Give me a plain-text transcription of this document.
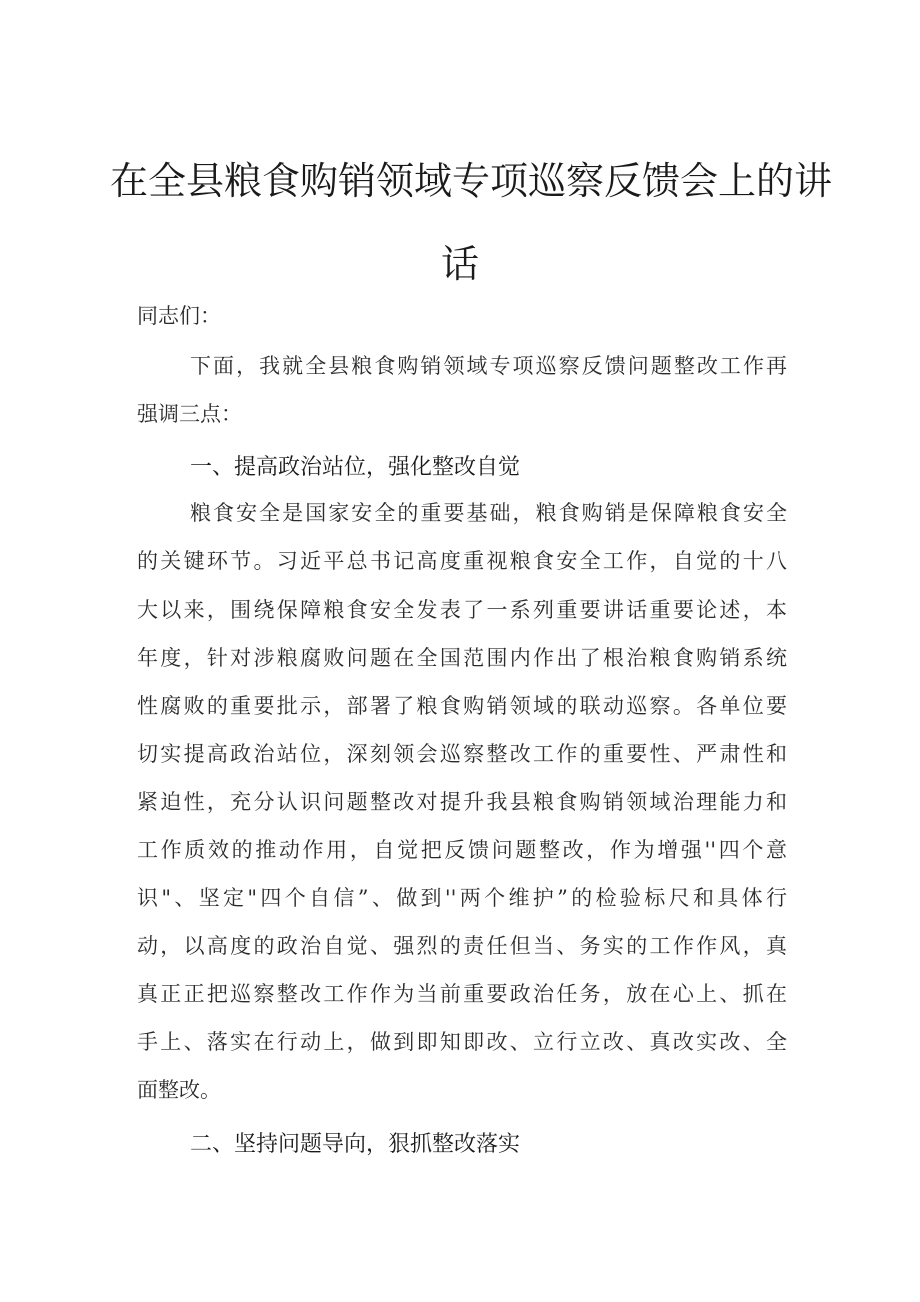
在全县粮食购销领域专项巡察反馈会上的讲
话
同志们：
下面，我就全县粮食购销领域专项巡察反馈问题整改工作再
强调三点：
一、提高政治站位，强化整改自觉
粮食安全是国家安全的重要基础，粮食购销是保障粮食安全
的关键环节。习近平总书记高度重视粮食安全工作，自觉的十八
大以来，围绕保障粮食安全发表了一系列重要讲话重要论述，本
年度，针对涉粮腐败问题在全国范围内作出了根治粮食购销系统
性腐败的重要批示，部署了粮食购销领域的联动巡察。各单位要
切实提高政治站位，深刻领会巡察整改工作的重要性、严肃性和
紧迫性，充分认识问题整改对提升我县粮食购销领域治理能力和
工作质效的推动作用，自觉把反馈问题整改，作为增强''四个意
识"、坚定"四个自信”、做到''两个维护”的检验标尺和具体行
动，以高度的政治自觉、强烈的责任但当、务实的工作作风，真
真正正把巡察整改工作作为当前重要政治任务，放在心上、抓在
手上、落实在行动上，做到即知即改、立行立改、真改实改、全
面整改。
二、坚持问题导向，狠抓整改落实
